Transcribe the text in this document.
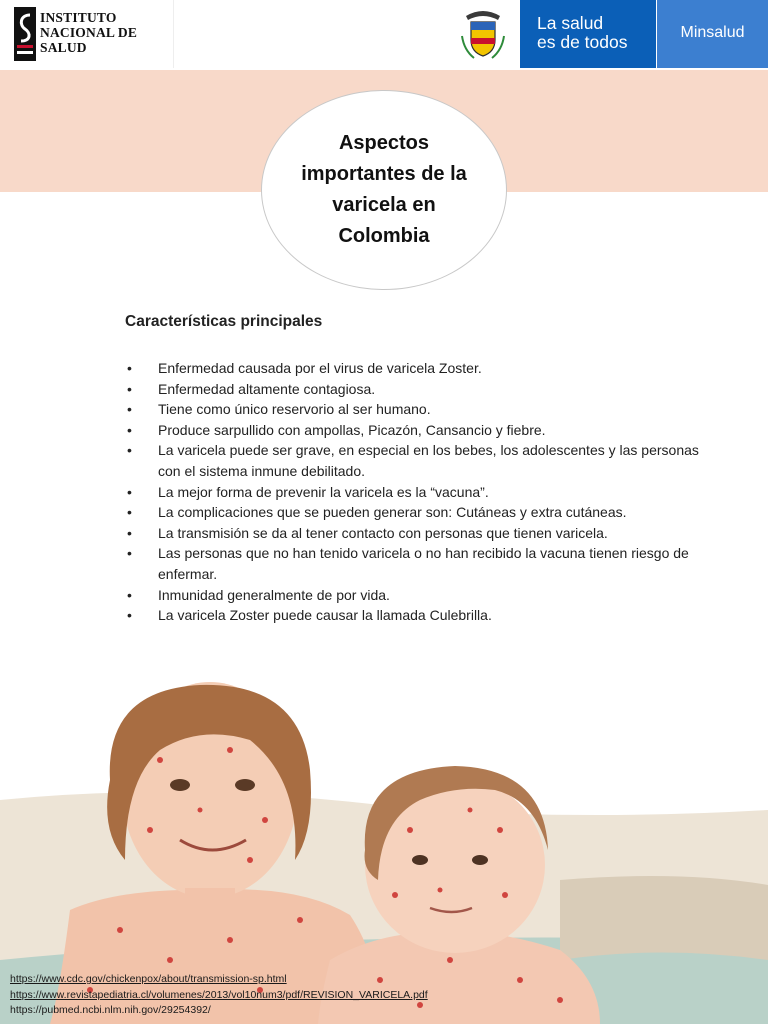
INSTITUTO
NACIONAL DE
SALUD
La salud
es de todos	Minsalud
Aspectos importantes de la varicela en Colombia
Características principales
• Enfermedad causada por el virus de varicela Zoster.
• Enfermedad altamente contagiosa.
• Tiene como único reservorio al ser humano.
• Produce sarpullido con ampollas, Picazón, Cansancio y fiebre.
• La varicela puede ser grave, en especial en los bebes, los adolescentes y las personas con el sistema inmune debilitado.
• La mejor forma de prevenir la varicela es la “vacuna”.
• La complicaciones que se pueden generar son: Cutáneas y extra cutáneas.
• La transmisión se da al tener contacto con personas que tienen varicela.
• Las personas que no han tenido varicela o no han recibido la vacuna tienen riesgo de enfermar.
• Inmunidad generalmente de por vida.
• La varicela Zoster puede causar la llamada Culebrilla.
https://www.cdc.gov/chickenpox/about/transmission-sp.html
https://www.revistapediatria.cl/volumenes/2013/vol10num3/pdf/REVISION_VARICELA.pdf
https://pubmed.ncbi.nlm.nih.gov/29254392/
